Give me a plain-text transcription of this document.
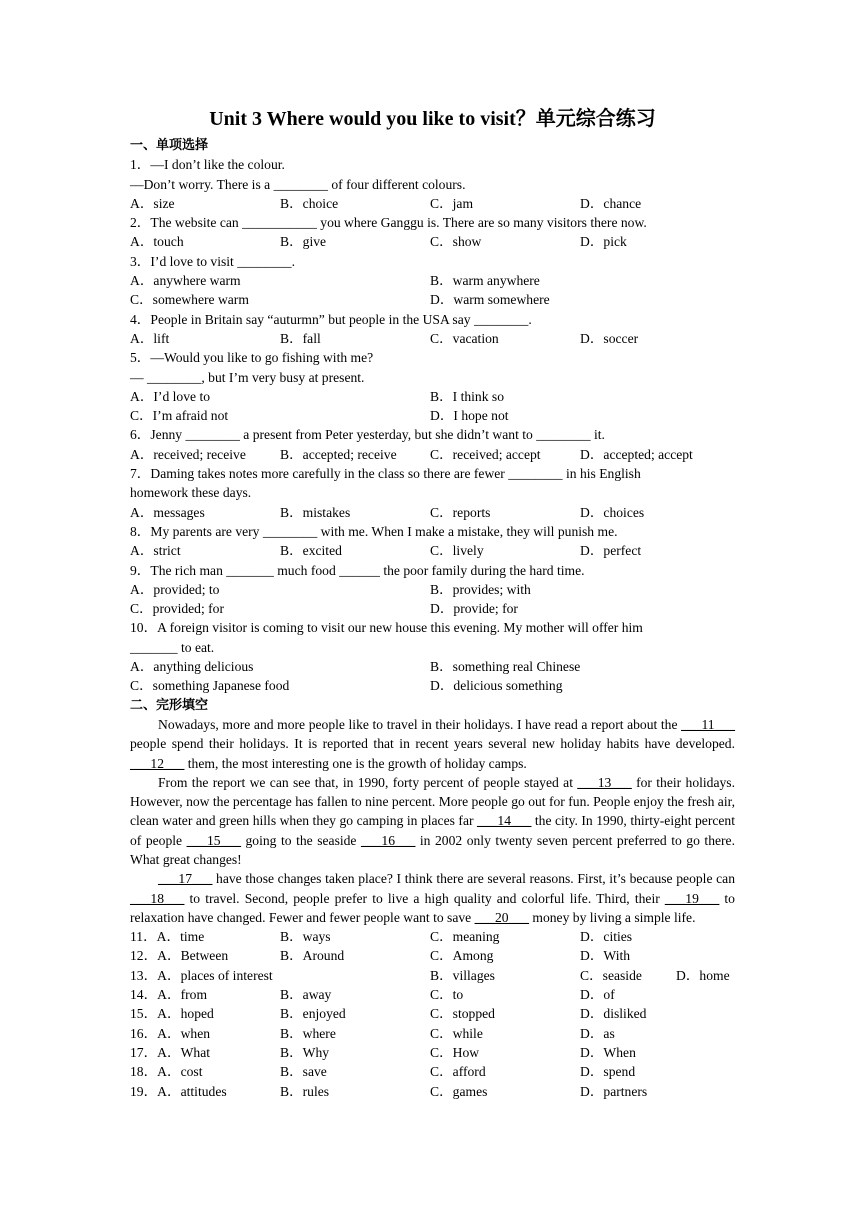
Unit 3 Where would you like to visit？单元综合练习
一、单项选择
1．—I don’t like the colour.
—Don’t worry. There is a ________ of four different colours.
A．size	B．choice	C．jam	D．chance
2．The website can ___________ you where Ganggu is. There are so many visitors there now.
A．touch	B．give	C．show	D．pick
3．I’d love to visit ________.
A．anywhere warm	B．warm anywhere
C．somewhere warm	D．warm somewhere
4．People in Britain say “auturmn” but people in the USA say ________.
A．lift	B．fall	C．vacation	D．soccer
5．—Would you like to go fishing with me?
— ________, but I’m very busy at present.
A．I’d love to	B．I think so
C．I’m afraid not	D．I hope not
6．Jenny ________ a present from Peter yesterday, but she didn’t want to ________ it.
A．received; receive	B．accepted; receive	C．received; accept	D．accepted; accept
7．Daming takes notes more carefully in the class so there are fewer ________ in his English
homework these days.
A．messages	B．mistakes	C．reports	D．choices
8．My parents are very ________ with me. When I make a mistake, they will punish me.
A．strict	B．excited	C．lively	D．perfect
9．The rich man _______ much food ______ the poor family during the hard time.
A．provided; to	B．provides; with
C．provided; for	D．provide; for
10．A foreign visitor is coming to visit our new house this evening. My mother will offer him
_______ to eat.
A．anything delicious	B．something real Chinese
C．something Japanese food	D．delicious something
二、完形填空

Nowadays, more and more people like to travel in their holidays. I have read a report about the ___11___ people spend their holidays. It is reported that in recent years several new holiday habits have developed. ___12___ them, the most interesting one is the growth of holiday camps.

From the report we can see that, in 1990, forty percent of people stayed at ___13___ for their holidays. However, now the percentage has fallen to nine percent. More people go out for fun. People enjoy the fresh air, clean water and green hills when they go camping in places far ___14___ the city. In 1990, thirty-eight percent of people ___15___ going to the seaside ___16___ in 2002 only twenty seven percent preferred to go there. What great changes!

___17___ have those changes taken place? I think there are several reasons. First, it’s because people can ___18___ to travel. Second, people prefer to live a high quality and colorful life. Third, their ___19___ to relaxation have changed. Fewer and fewer people want to save ___20___ money by living a simple life.

11．A．time	B．ways	C．meaning	D．cities
12．A．Between	B．Around	C．Among	D．With
13．A．places of interest	B．villages	C．seaside	D．home
14．A．from	B．away	C．to	D．of
15．A．hoped	B．enjoyed	C．stopped	D．disliked
16．A．when	B．where	C．while	D．as
17．A．What	B．Why	C．How	D．When
18．A．cost	B．save	C．afford	D．spend
19．A．attitudes	B．rules	C．games	D．partners
